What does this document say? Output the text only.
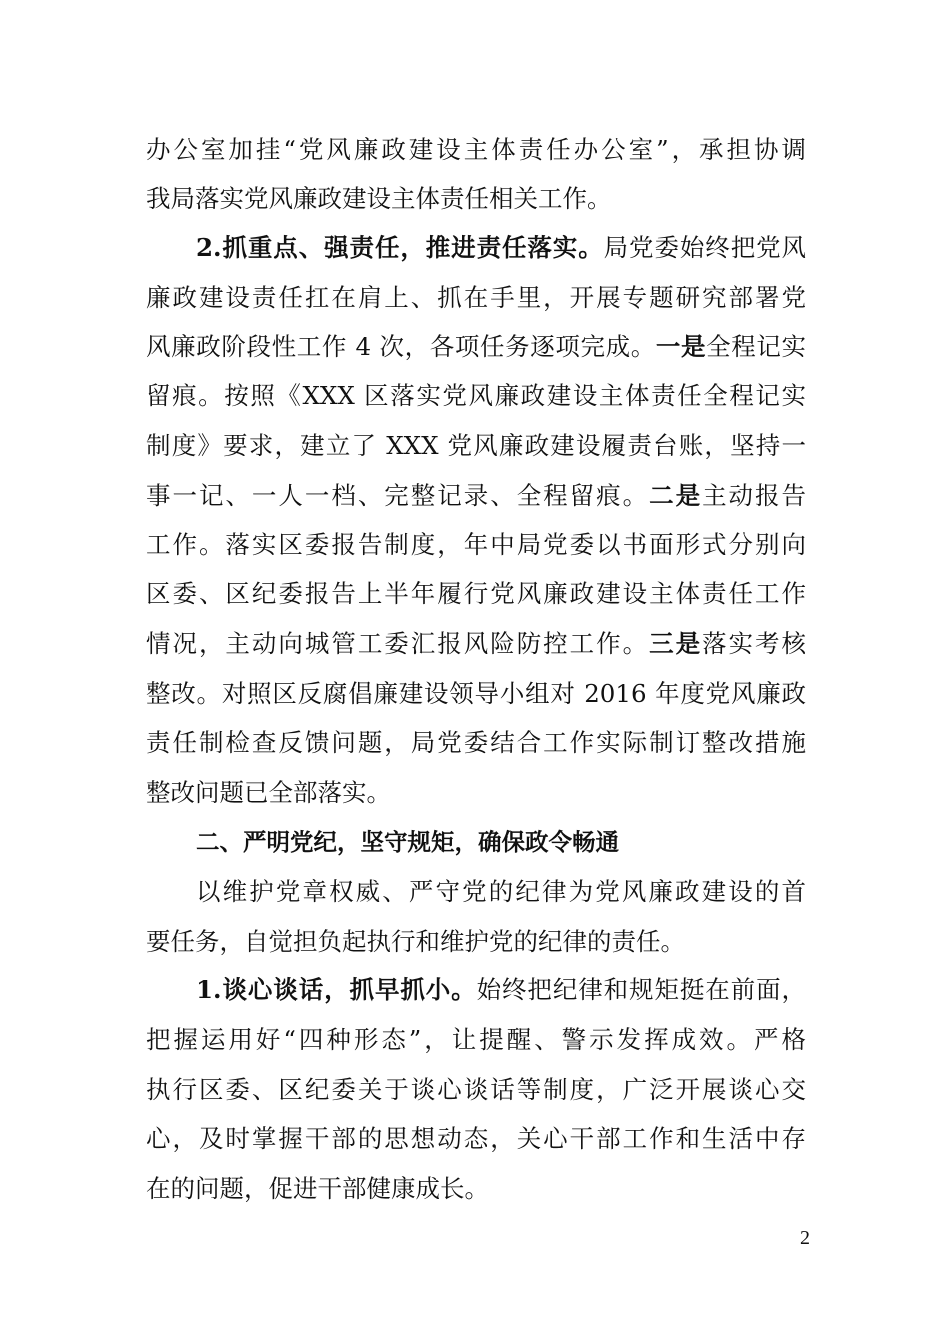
办公室加挂“党风廉政建设主体责任办公室”，承担协调
我局落实党风廉政建设主体责任相关工作。
2.抓重点、强责任，推进责任落实。局党委始终把党风
廉政建设责任扛在肩上、抓在手里，开展专题研究部署党
风廉政阶段性工作 4 次，各项任务逐项完成。一是全程记实
留痕。按照《XXX 区落实党风廉政建设主体责任全程记实
制度》要求，建立了 XXX 党风廉政建设履责台账，坚持一
事一记、一人一档、完整记录、全程留痕。二是主动报告
工作。落实区委报告制度，年中局党委以书面形式分别向
区委、区纪委报告上半年履行党风廉政建设主体责任工作
情况，主动向城管工委汇报风险防控工作。三是落实考核
整改。对照区反腐倡廉建设领导小组对 2016 年度党风廉政
责任制检查反馈问题，局党委结合工作实际制订整改措施
整改问题已全部落实。
二、严明党纪，坚守规矩，确保政令畅通
以维护党章权威、严守党的纪律为党风廉政建设的首
要任务，自觉担负起执行和维护党的纪律的责任。
1.谈心谈话，抓早抓小。始终把纪律和规矩挺在前面，
把握运用好“四种形态”，让提醒、警示发挥成效。严格
执行区委、区纪委关于谈心谈话等制度，广泛开展谈心交
心，及时掌握干部的思想动态，关心干部工作和生活中存
在的问题，促进干部健康成长。
2
